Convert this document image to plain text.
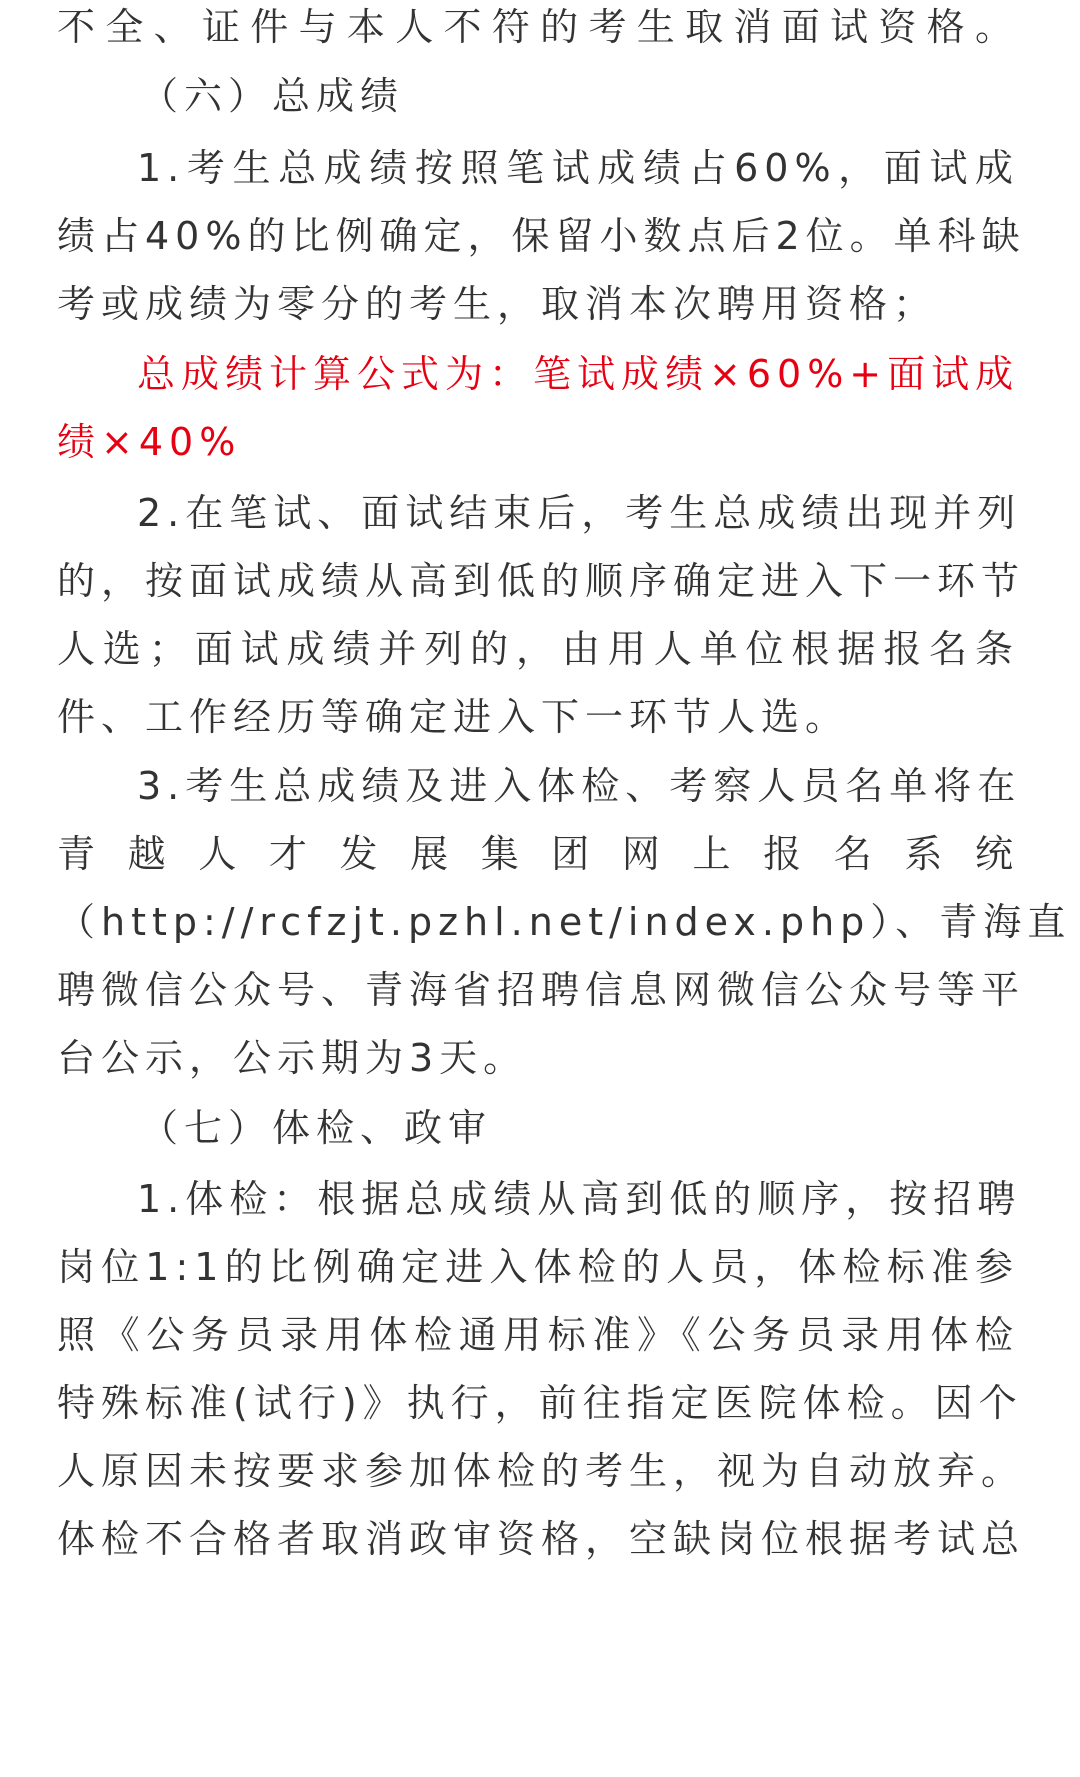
不全、证件与本人不符的考生取消面试资格。
（六）总成绩
1.考生总成绩按照笔试成绩占60%，面试成
绩占40%的比例确定，保留小数点后2位。单科缺
考或成绩为零分的考生，取消本次聘用资格；
总成绩计算公式为：笔试成绩×60%+面试成
绩×40%
2.在笔试、面试结束后，考生总成绩出现并列
的，按面试成绩从高到低的顺序确定进入下一环节
人选；面试成绩并列的，由用人单位根据报名条
件、工作经历等确定进入下一环节人选。
3.考生总成绩及进入体检、考察人员名单将在
青 越 人 才 发 展 集 团 网 上 报 名 系 统
（http://rcfzjt.pzhl.net/index.php）、青海直
聘微信公众号、青海省招聘信息网微信公众号等平
台公示，公示期为3天。
（七）体检、政审
1.体检：根据总成绩从高到低的顺序，按招聘
岗位1:1的比例确定进入体检的人员，体检标准参
照《公务员录用体检通用标准》《公务员录用体检
特殊标准(试行)》执行，前往指定医院体检。因个
人原因未按要求参加体检的考生，视为自动放弃。
体检不合格者取消政审资格，空缺岗位根据考试总
